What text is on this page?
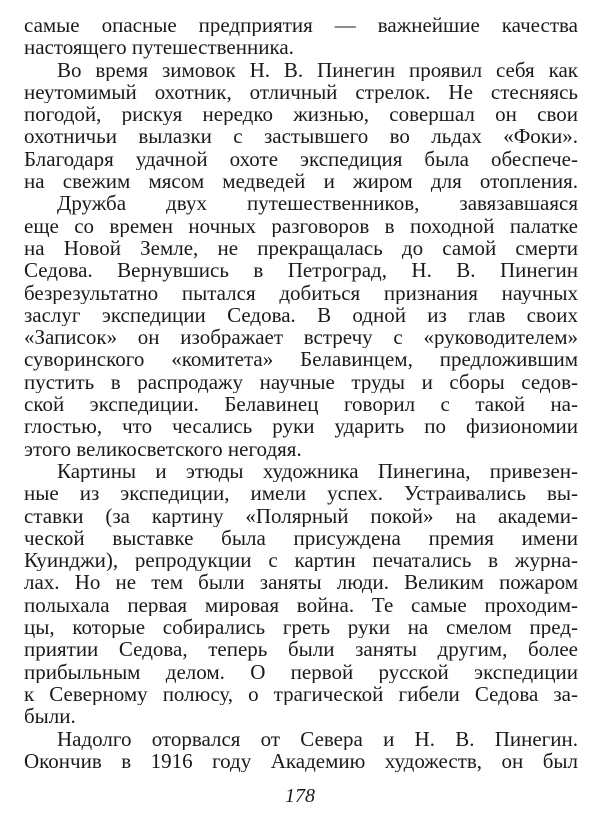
самые опасные предприятия — важнейшие качества
настоящего путешественника.
Во время зимовок Н. В. Пинегин проявил себя как
неутомимый охотник, отличный стрелок. Не стесняясь
погодой, рискуя нередко жизнью, совершал он свои
охотничьи вылазки с застывшего во льдах «Фоки».
Благодаря удачной охоте экспедиция была обеспече-
на свежим мясом медведей и жиром для отопления.
Дружба двух путешественников, завязавшаяся
еще со времен ночных разговоров в походной палатке
на Новой Земле, не прекращалась до самой смерти
Седова. Вернувшись в Петроград, Н. В. Пинегин
безрезультатно пытался добиться признания научных
заслуг экспедиции Седова. В одной из глав своих
«Записок» он изображает встречу с «руководителем»
суворинского «комитета» Белавинцем, предложившим
пустить в распродажу научные труды и сборы седов-
ской экспедиции. Белавинец говорил с такой на-
глостью, что чесались руки ударить по физиономии
этого великосветского негодяя.
Картины и этюды художника Пинегина, привезен-
ные из экспедиции, имели успех. Устраивались вы-
ставки (за картину «Полярный покой» на академи-
ческой выставке была присуждена премия имени
Куинджи), репродукции с картин печатались в журна-
лах. Но не тем были заняты люди. Великим пожаром
полыхала первая мировая война. Те самые проходим-
цы, которые собирались греть руки на смелом пред-
приятии Седова, теперь были заняты другим, более
прибыльным делом. О первой русской экспедиции
к Северному полюсу, о трагической гибели Седова за-
были.
Надолго оторвался от Севера и Н. В. Пинегин.
Окончив в 1916 году Академию художеств, он был
178
